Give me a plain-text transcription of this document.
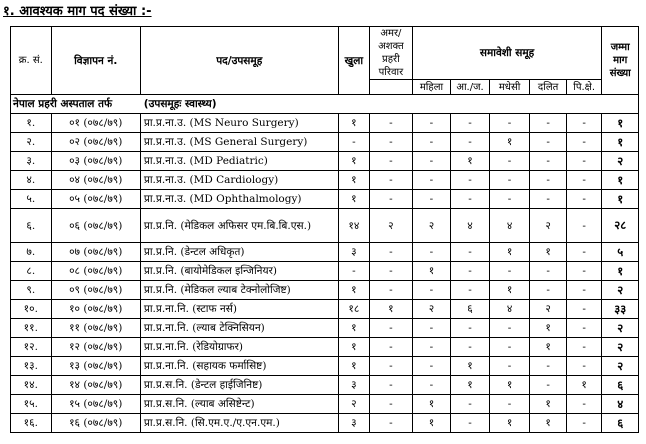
१. आवश्यक माग पद संख्या :-
क्र. सं.	विज्ञापन नं.	पद/उपसमूह	खुला	अमर/अशक्त प्रहरी परिवार	समावेशी समूह					जम्मा माग संख्या
					महिला	आ./ज.	मधेसी	दलित	पि.क्षे.	
नेपाल प्रहरी अस्पताल तर्फ (उपसमूहः स्वास्थ्य)										
१.	०१ (०७८/७९)	प्रा.प्र.ना.उ. (MS Neuro Surgery)	१	-	-	-	-	-	-	१
२.	०२ (०७८/७९)	प्रा.प्र.ना.उ. (MS General Surgery)	-	-	-	-	१	-	-	१
३.	०३ (०७८/७९)	प्रा.प्र.ना.उ. (MD Pediatric)	१	-	-	१	-	-	-	२
४.	०४ (०७८/७९)	प्रा.प्र.ना.उ. (MD Cardiology)	१	-	-	-	-	-	-	१
५.	०५ (०७८/७९)	प्रा.प्र.ना.उ. (MD Ophthalmology)	१	-	-	-	-	-	-	१
६.	०६ (०७८/७९)	प्रा.प्र.नि. (मेडिकल अफिसर एम.बि.बि.एस.)	१४	२	२	४	४	२	-	२८
७.	०७ (०७८/७९)	प्रा.प्र.नि. (डेन्टल अधिकृत)	३	-	-	-	१	१	-	५
८.	०८ (०७८/७९)	प्रा.प्र.नि. (बायोमेडिकल इन्जिनियर)	-	-	१	-	-	-	-	१
९.	०९ (०७८/७९)	प्रा.प्र.नि. (मेडिकल ल्याब टेक्नोलोजिष्ट)	१	-	-	-	१	-	-	२
१०.	१० (०७८/७९)	प्रा.प्र.ना.नि. (स्टाफ नर्स)	१८	१	२	६	४	२	-	३३
११.	११ (०७८/७९)	प्रा.प्र.ना.नि. (ल्याब टेक्निसियन)	१	-	-	-	-	१	-	२
१२.	१२ (०७८/७९)	प्रा.प्र.ना.नि. (रेडियोग्राफर)	१	-	-	-	-	१	-	२
१३.	१३ (०७८/७९)	प्रा.प्र.ना.नि. (सहायक फर्मासिष्ट)	१	-	-	१	-	-	-	२
१४.	१४ (०७८/७९)	प्रा.प्र.स.नि. (डेन्टल हाईजिनिष्ट)	३	-	-	१	१	-	१	६
१५.	१५ (०७८/७९)	प्रा.प्र.स.नि. (ल्याब असिष्टेन्ट)	२	-	१	-	-	१	-	४
१६.	१६ (०७८/७९)	प्रा.प्र.स.नि. (सि.एम.ए./ए.एन.एम.)	३	-	१	-	१	१	-	६
